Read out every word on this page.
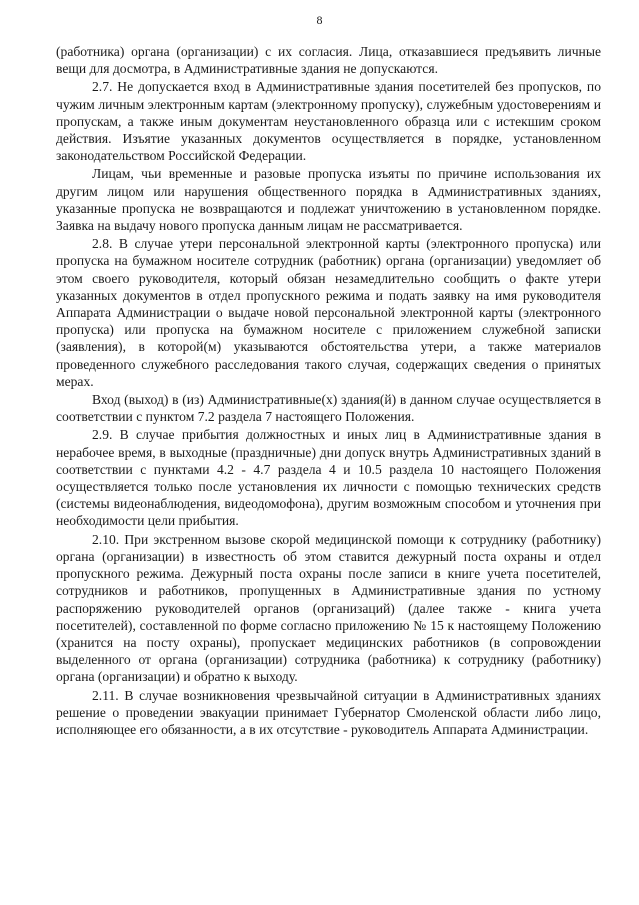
8

(работника) органа (организации) с их согласия. Лица, отказавшиеся предъявить личные вещи для досмотра, в Административные здания не допускаются.

2.7. Не допускается вход в Административные здания посетителей без пропусков, по чужим личным электронным картам (электронному пропуску), служебным удостоверениям и пропускам, а также иным документам неустановленного образца или с истекшим сроком действия. Изъятие указанных документов осуществляется в порядке, установленном законодательством Российской Федерации.

Лицам, чьи временные и разовые пропуска изъяты по причине использования их другим лицом или нарушения общественного порядка в Административных зданиях, указанные пропуска не возвращаются и подлежат уничтожению в установленном порядке. Заявка на выдачу нового пропуска данным лицам не рассматривается.

2.8. В случае утери персональной электронной карты (электронного пропуска) или пропуска на бумажном носителе сотрудник (работник) органа (организации) уведомляет об этом своего руководителя, который обязан незамедлительно сообщить о факте утери указанных документов в отдел пропускного режима и подать заявку на имя руководителя Аппарата Администрации о выдаче новой персональной электронной карты (электронного пропуска) или пропуска на бумажном носителе с приложением служебной записки (заявления), в которой(м) указываются обстоятельства утери, а также материалов проведенного служебного расследования такого случая, содержащих сведения о принятых мерах.

Вход (выход) в (из) Административные(х) здания(й) в данном случае осуществляется в соответствии с пунктом 7.2 раздела 7 настоящего Положения.

2.9. В случае прибытия должностных и иных лиц в Административные здания в нерабочее время, в выходные (праздничные) дни допуск внутрь Административных зданий в соответствии с пунктами 4.2 - 4.7 раздела 4 и 10.5 раздела 10 настоящего Положения осуществляется только после установления их личности с помощью технических средств (системы видеонаблюдения, видеодомофона), другим возможным способом и уточнения при необходимости цели прибытия.

2.10. При экстренном вызове скорой медицинской помощи к сотруднику (работнику) органа (организации) в известность об этом ставится дежурный поста охраны и отдел пропускного режима. Дежурный поста охраны после записи в книге учета посетителей, сотрудников и работников, пропущенных в Административные здания по устному распоряжению руководителей органов (организаций) (далее также - книга учета посетителей), составленной по форме согласно приложению № 15 к настоящему Положению (хранится на посту охраны), пропускает медицинских работников (в сопровождении выделенного от органа (организации) сотрудника (работника) к сотруднику (работнику) органа (организации) и обратно к выходу.

2.11. В случае возникновения чрезвычайной ситуации в Административных зданиях решение о проведении эвакуации принимает Губернатор Смоленской области либо лицо, исполняющее его обязанности, а в их отсутствие - руководитель Аппарата Администрации.
